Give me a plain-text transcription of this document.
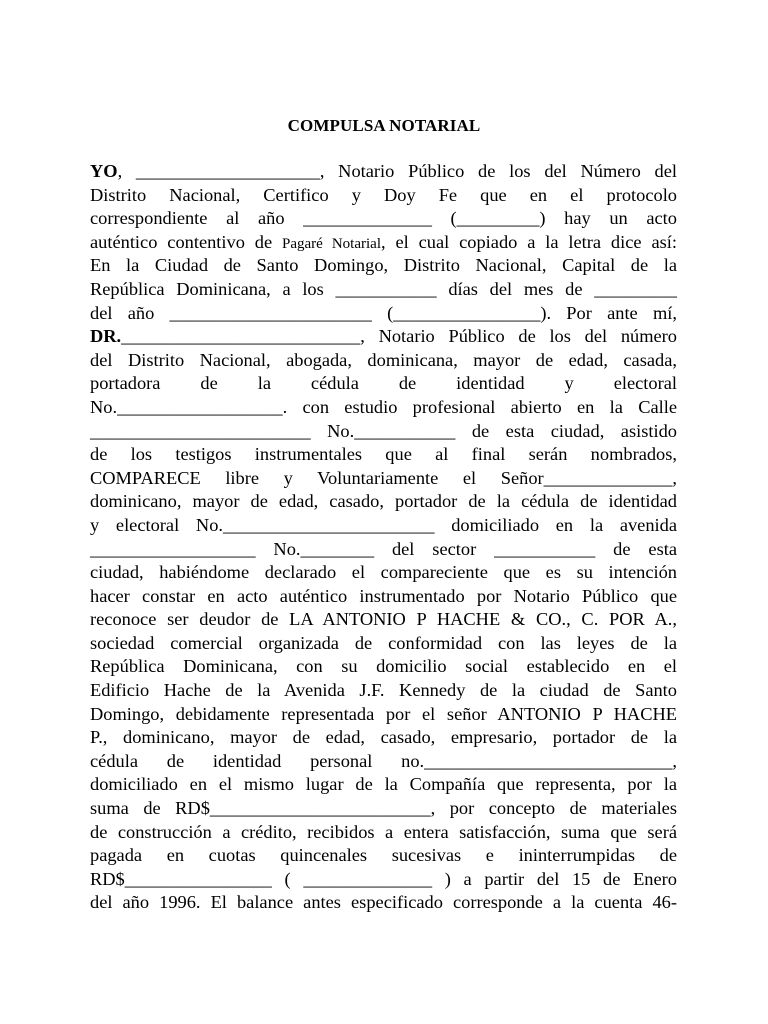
COMPULSA NOTARIAL
YO, ____________________, Notario Público de los del Número del
Distrito Nacional, Certifico y Doy Fe que en el protocolo
correspondiente al año ______________ (_________) hay un acto
auténtico contentivo de Pagaré Notarial, el cual copiado a la letra dice así:
En la Ciudad de Santo Domingo, Distrito Nacional, Capital de la
República Dominicana, a los ___________ días del mes de _________
del año ______________________ (________________). Por ante mí,
DR.__________________________, Notario Público de los del número
del Distrito Nacional, abogada, dominicana, mayor de edad, casada,
portadora de la cédula de identidad y electoral
No.__________________. con estudio profesional abierto en la Calle
________________________ No.___________ de esta ciudad, asistido
de los testigos instrumentales que al final serán nombrados,
COMPARECE libre y Voluntariamente el Señor______________,
dominicano, mayor de edad, casado, portador de la cédula de identidad
y electoral No._______________________ domiciliado en la avenida
__________________ No.________ del sector ___________ de esta
ciudad, habiéndome declarado el compareciente que es su intención
hacer constar en acto auténtico instrumentado por Notario Público que
reconoce ser deudor de LA ANTONIO P HACHE & CO., C. POR A.,
sociedad comercial organizada de conformidad con las leyes de la
República Dominicana, con su domicilio social establecido en el
Edificio Hache de la Avenida J.F. Kennedy de la ciudad de Santo
Domingo, debidamente representada por el señor ANTONIO P HACHE
P., dominicano, mayor de edad, casado, empresario, portador de la
cédula de identidad personal no.___________________________,
domiciliado en el mismo lugar de la Compañía que representa, por la
suma de RD$________________________, por concepto de materiales
de construcción a crédito, recibidos a entera satisfacción, suma que será
pagada en cuotas quincenales sucesivas e ininterrumpidas de
RD$________________ ( ______________ ) a partir del 15 de Enero
del año 1996. El balance antes especificado corresponde a la cuenta 46-
